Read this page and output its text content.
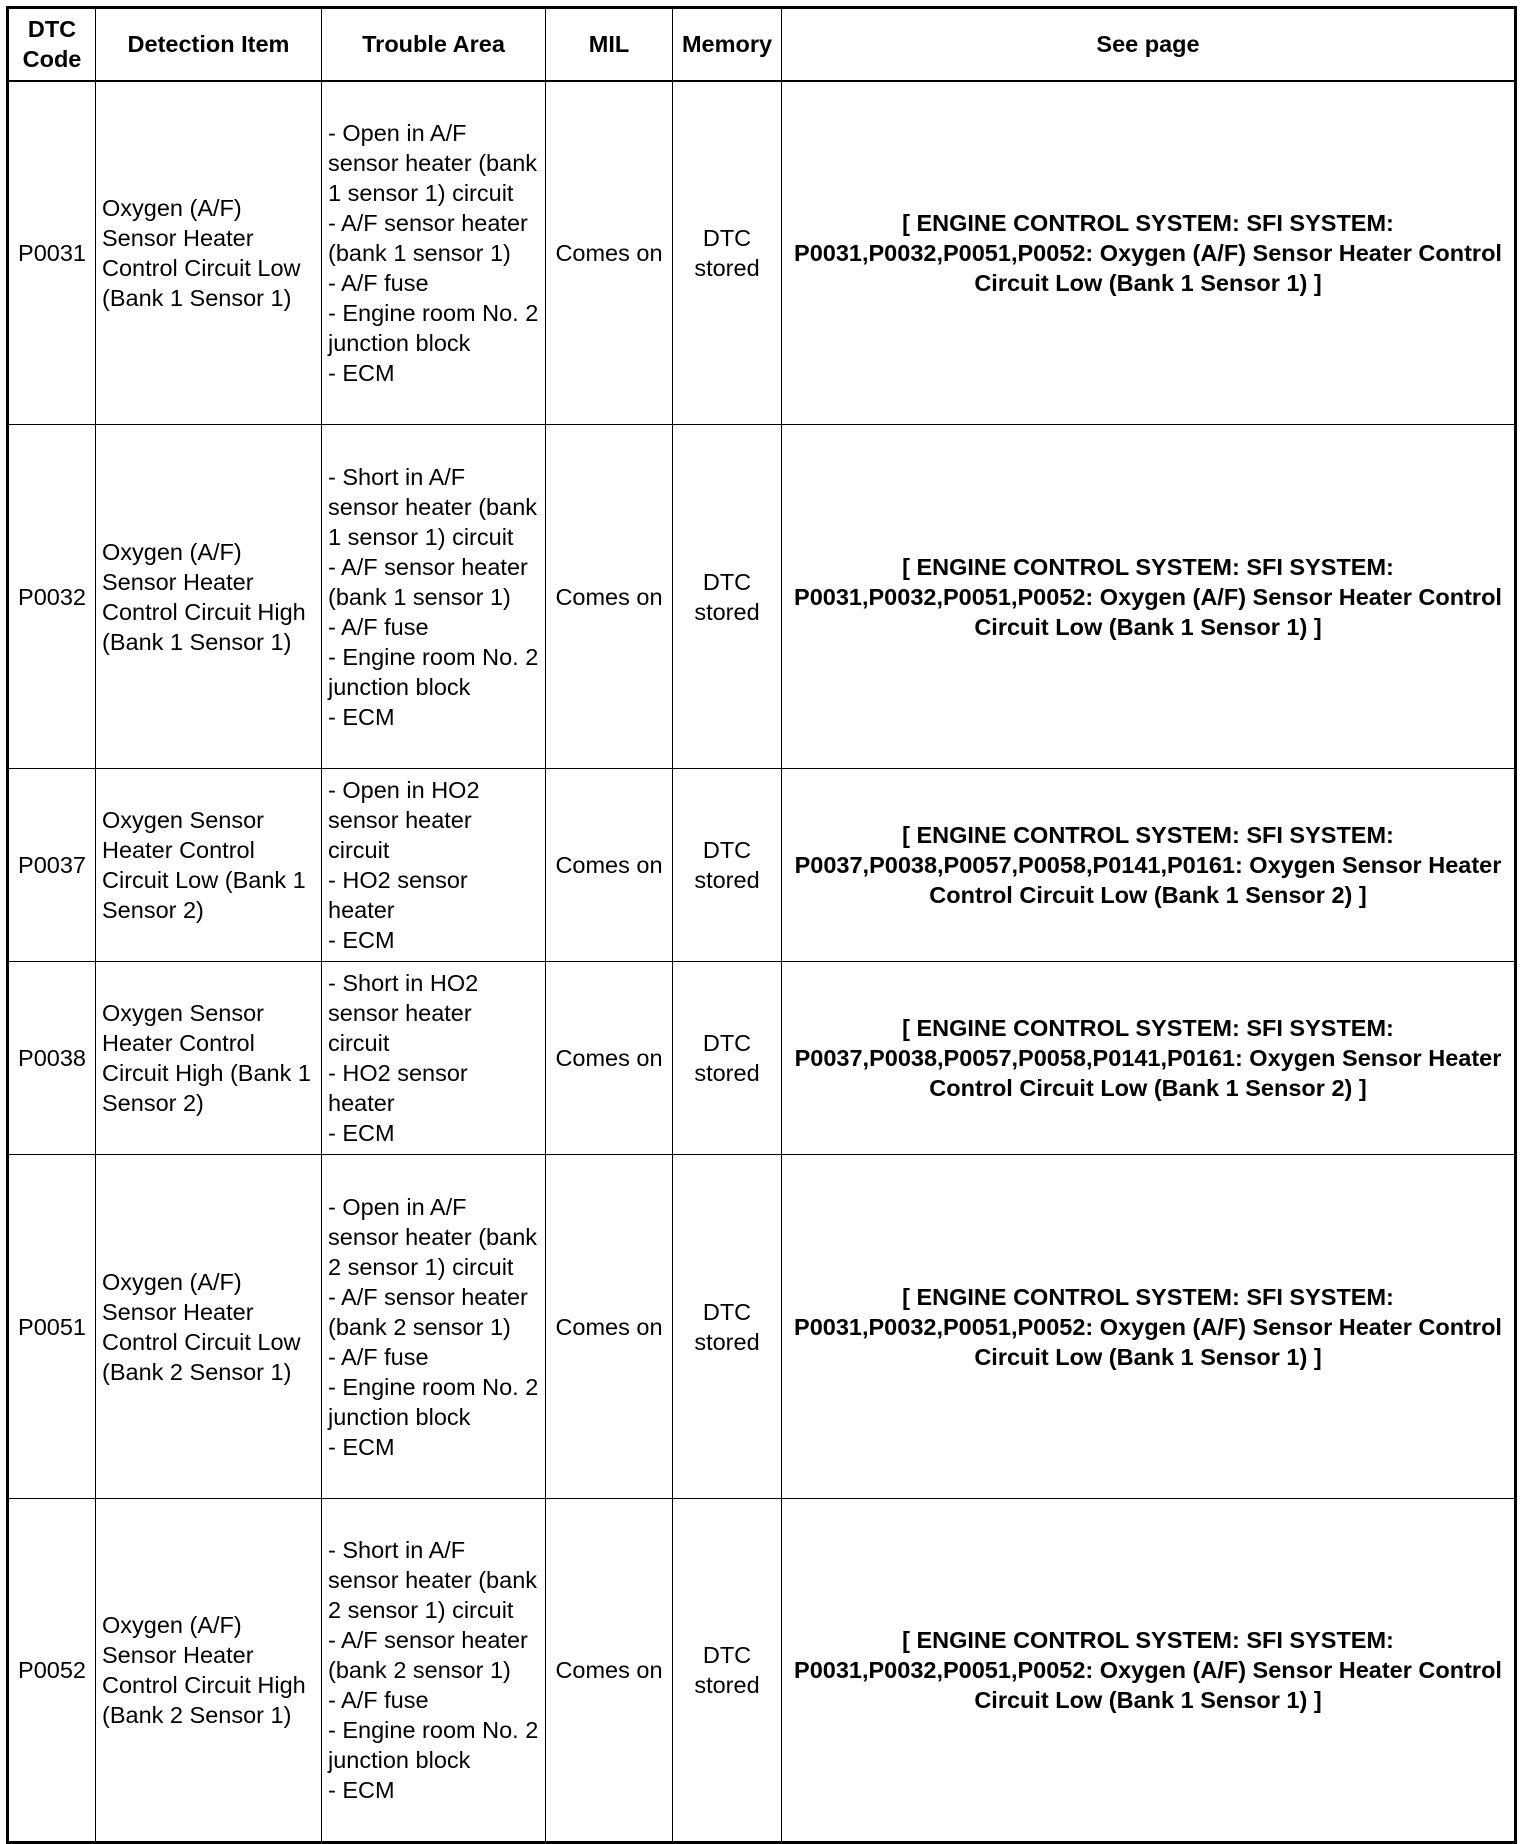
DTC Code	Detection Item	Trouble Area	MIL	Memory	See page
P0031	Oxygen (A/F) Sensor Heater Control Circuit Low (Bank 1 Sensor 1)	- Open in A/F sensor heater (bank 1 sensor 1) circuit
- A/F sensor heater (bank 1 sensor 1)
- A/F fuse
- Engine room No. 2 junction block
- ECM	Comes on	DTC stored	[ ENGINE CONTROL SYSTEM: SFI SYSTEM: P0031,P0032,P0051,P0052: Oxygen (A/F) Sensor Heater Control Circuit Low (Bank 1 Sensor 1) ]
P0032	Oxygen (A/F) Sensor Heater Control Circuit High (Bank 1 Sensor 1)	- Short in A/F sensor heater (bank 1 sensor 1) circuit
- A/F sensor heater (bank 1 sensor 1)
- A/F fuse
- Engine room No. 2 junction block
- ECM	Comes on	DTC stored	[ ENGINE CONTROL SYSTEM: SFI SYSTEM: P0031,P0032,P0051,P0052: Oxygen (A/F) Sensor Heater Control Circuit Low (Bank 1 Sensor 1) ]
P0037	Oxygen Sensor Heater Control Circuit Low (Bank 1 Sensor 2)	- Open in HO2 sensor heater circuit
- HO2 sensor heater
- ECM	Comes on	DTC stored	[ ENGINE CONTROL SYSTEM: SFI SYSTEM: P0037,P0038,P0057,P0058,P0141,P0161: Oxygen Sensor Heater Control Circuit Low (Bank 1 Sensor 2) ]
P0038	Oxygen Sensor Heater Control Circuit High (Bank 1 Sensor 2)	- Short in HO2 sensor heater circuit
- HO2 sensor heater
- ECM	Comes on	DTC stored	[ ENGINE CONTROL SYSTEM: SFI SYSTEM: P0037,P0038,P0057,P0058,P0141,P0161: Oxygen Sensor Heater Control Circuit Low (Bank 1 Sensor 2) ]
P0051	Oxygen (A/F) Sensor Heater Control Circuit Low (Bank 2 Sensor 1)	- Open in A/F sensor heater (bank 2 sensor 1) circuit
- A/F sensor heater (bank 2 sensor 1)
- A/F fuse
- Engine room No. 2 junction block
- ECM	Comes on	DTC stored	[ ENGINE CONTROL SYSTEM: SFI SYSTEM: P0031,P0032,P0051,P0052: Oxygen (A/F) Sensor Heater Control Circuit Low (Bank 1 Sensor 1) ]
P0052	Oxygen (A/F) Sensor Heater Control Circuit High (Bank 2 Sensor 1)	- Short in A/F sensor heater (bank 2 sensor 1) circuit
- A/F sensor heater (bank 2 sensor 1)
- A/F fuse
- Engine room No. 2 junction block
- ECM	Comes on	DTC stored	[ ENGINE CONTROL SYSTEM: SFI SYSTEM: P0031,P0032,P0051,P0052: Oxygen (A/F) Sensor Heater Control Circuit Low (Bank 1 Sensor 1) ]
